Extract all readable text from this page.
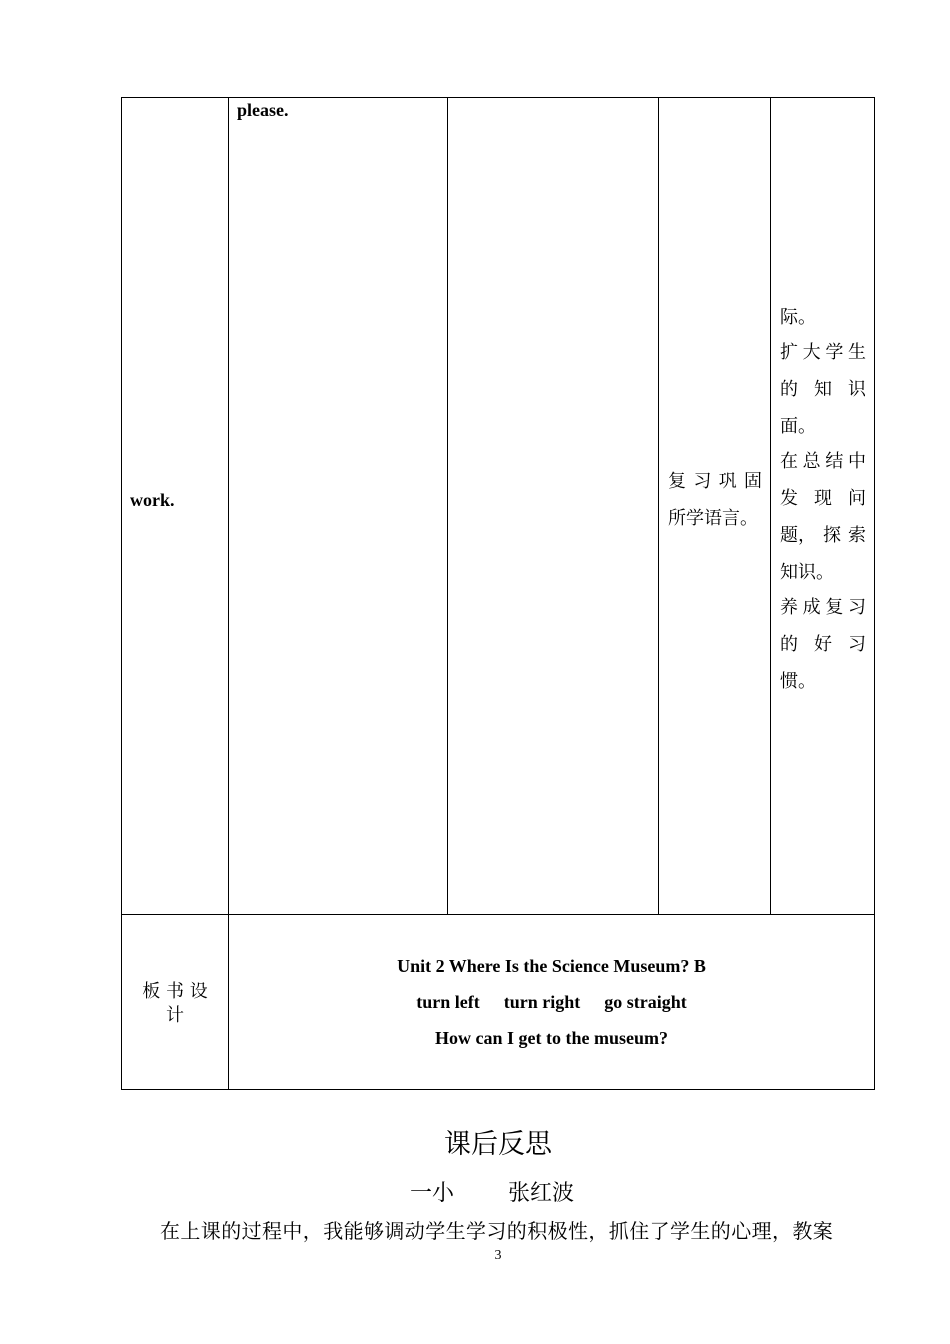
work.
please.
复 习 巩 固
所学语言。
际。
扩 大 学 生
的 知 识
面。
在 总 结 中
发 现 问
题， 探 索
知识。
养 成 复 习
的 好 习
惯。
板 书 设
计
Unit 2 Where Is the Science Museum? B
turn left turn right go straight
How can I get to the museum?
课后反思
一小 张红波
在上课的过程中，我能够调动学生学习的积极性，抓住了学生的心理，教案
3
